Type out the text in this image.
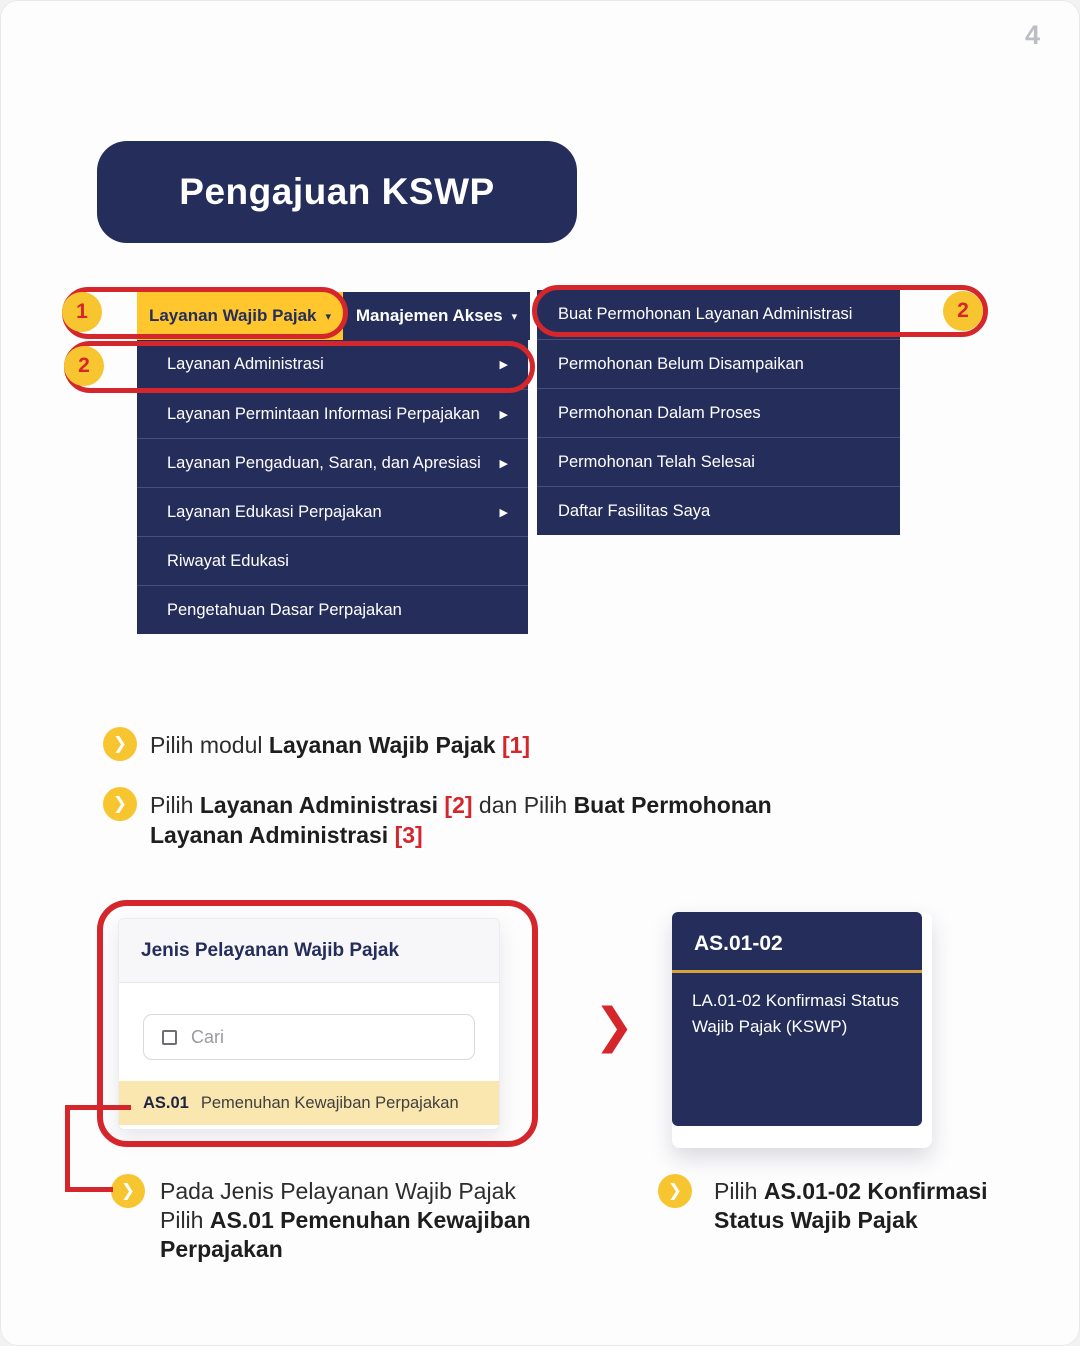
4
Pengajuan KSWP
Layanan Wajib Pajak ▾ Manajemen Akses ▾
Layanan Administrasi	▶
Layanan Permintaan Informasi Perpajakan ▶
Layanan Pengaduan, Saran, dan Apresiasi ▶
Layanan Edukasi Perpajakan	▶
Riwayat Edukasi
Pengetahuan Dasar Perpajakan
Buat Permohonan Layanan Administrasi
Permohonan Belum Disampaikan
Permohonan Dalam Proses
Permohonan Telah Selesai
Daftar Fasilitas Saya
1
2
2
❯ Pilih modul Layanan Wajib Pajak [1]
❯ Pilih Layanan Administrasi [2] dan Pilih Buat Permohonan Layanan Administrasi [3]
Jenis Pelayanan Wajib Pajak
Cari
AS.01 Pemenuhan Kewajiban Perpajakan
❯
AS.01-02
LA.01-02 Konfirmasi Status Wajib Pajak (KSWP)
❯ Pada Jenis Pelayanan Wajib Pajak Pilih AS.01 Pemenuhan Kewajiban Perpajakan
❯ Pilih AS.01-02 Konfirmasi Status Wajib Pajak
